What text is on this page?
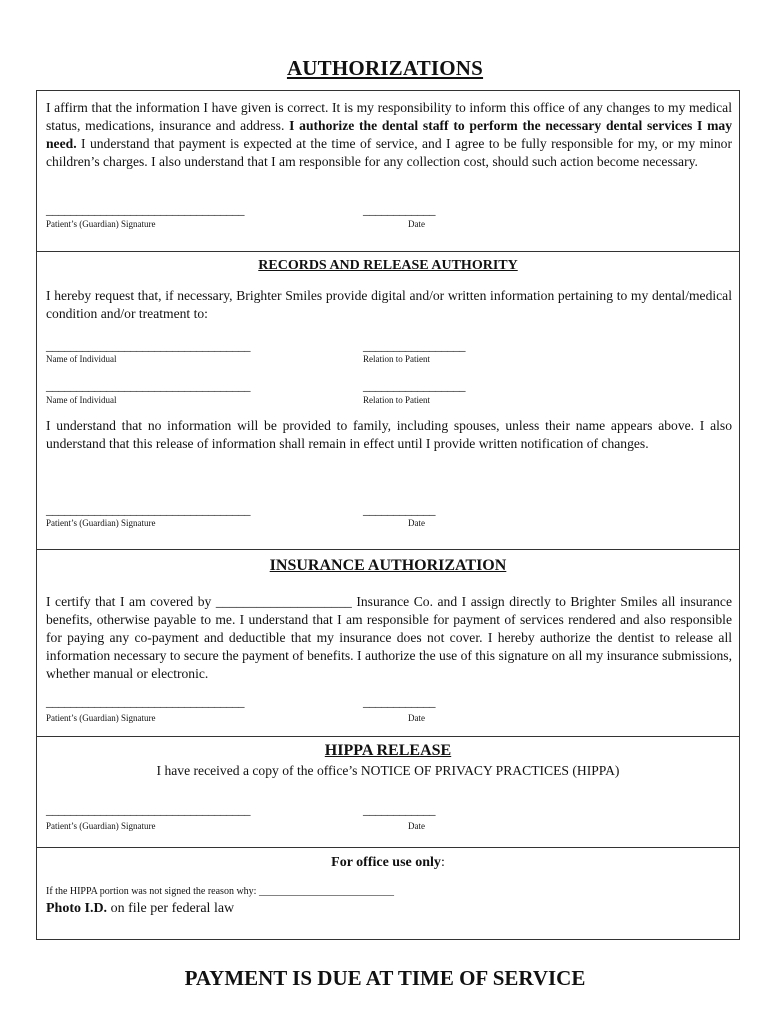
AUTHORIZATIONS
I affirm that the information I have given is correct. It is my responsibility to inform this office of any changes to my medical status, medications, insurance and address. I authorize the dental staff to perform the necessary dental services I may need. I understand that payment is expected at the time of service, and I agree to be fully responsible for my, or my minor children’s charges. I also understand that I am responsible for any collection cost, should such action become necessary.
_________________________________	____________
Patient’s (Guardian) Signature	Date
RECORDS AND RELEASE AUTHORITY
I hereby request that, if necessary, Brighter Smiles provide digital and/or written information pertaining to my dental/medical condition and/or treatment to:
__________________________________	_________________
Name of Individual	Relation to Patient
__________________________________	_________________
Name of Individual	Relation to Patient
I understand that no information will be provided to family, including spouses, unless their name appears above. I also understand that this release of information shall remain in effect until I provide written notification of changes.
__________________________________	____________
Patient’s (Guardian) Signature	Date
INSURANCE AUTHORIZATION
I certify that I am covered by ____________________ Insurance Co. and I assign directly to Brighter Smiles all insurance benefits, otherwise payable to me. I understand that I am responsible for payment of services rendered and also responsible for paying any co-payment and deductible that my insurance does not cover. I hereby authorize the dentist to release all information necessary to secure the payment of benefits. I authorize the use of this signature on all my insurance submissions, whether manual or electronic.
_________________________________	____________
Patient’s (Guardian) Signature	Date
HIPPA RELEASE
I have received a copy of the office’s NOTICE OF PRIVACY PRACTICES (HIPPA)
__________________________________	____________
Patient’s (Guardian) Signature	Date
For office use only:
If the HIPPA portion was not signed the reason why: ___________________________
Photo I.D. on file per federal law
PAYMENT IS DUE AT TIME OF SERVICE
